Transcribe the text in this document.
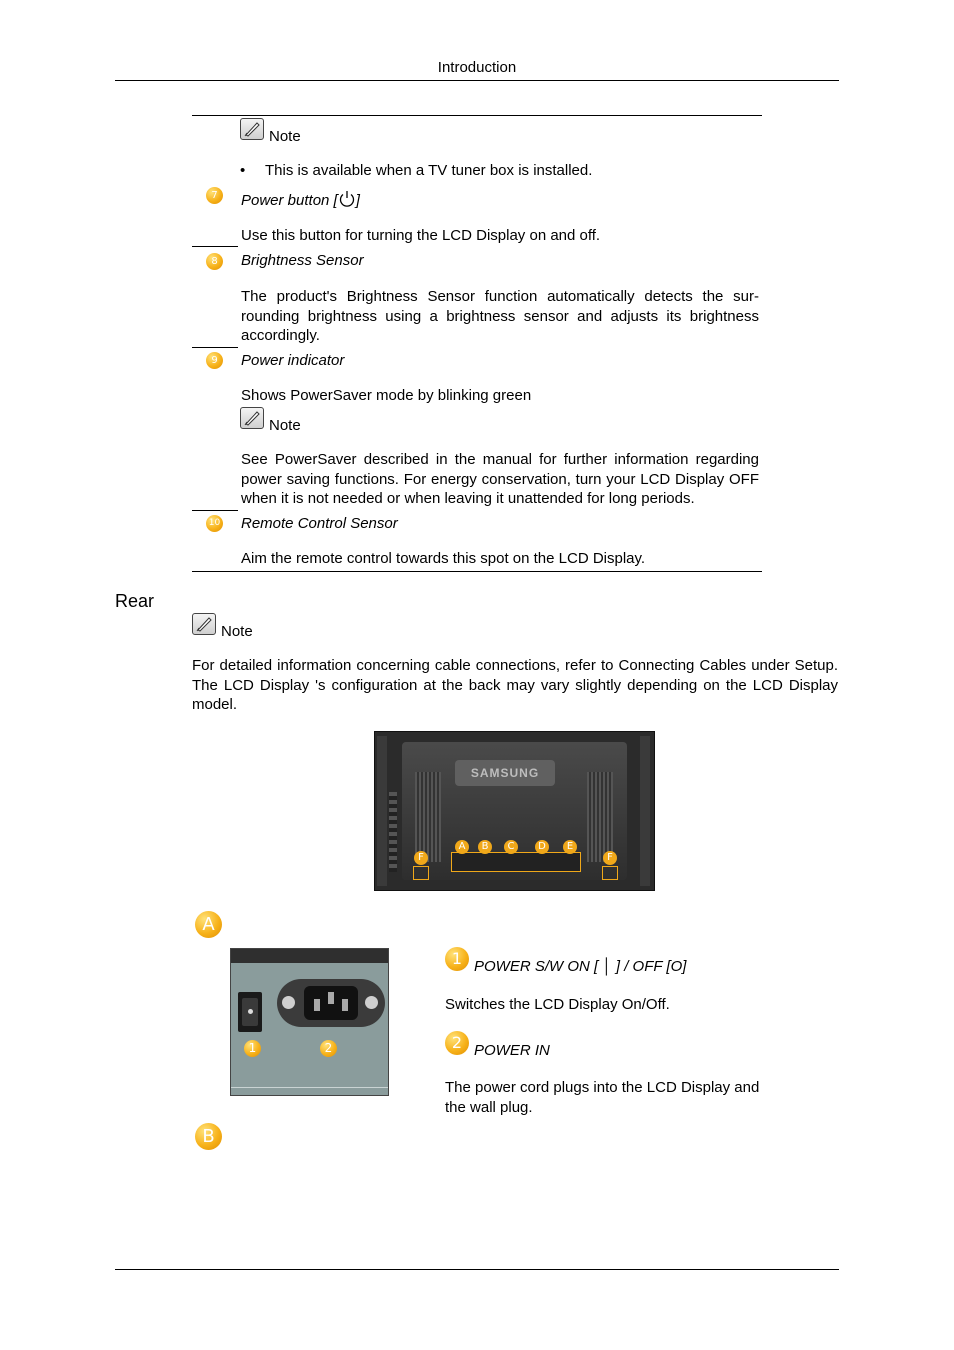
Introduction
Note
• This is available when a TV tuner box is installed.
7	Power button [ ]
Use this button for turning the LCD Display on and off.
8	Brightness Sensor
The product's Brightness Sensor function automatically detects the sur-rounding brightness using a brightness sensor and adjusts its brightness accordingly.
9	Power indicator
Shows PowerSaver mode by blinking green
Note
See PowerSaver described in the manual for further information regarding power saving functions. For energy conservation, turn your LCD Display OFF when it is not needed or when leaving it unattended for long periods.
10 Remote Control Sensor
Aim the remote control towards this spot on the LCD Display.
Rear
Note
For detailed information concerning cable connections, refer to Connecting Cables under Setup. The LCD Display 's configuration at the back may vary slightly depending on the LCD Display model.
SAMSUNG
A	B	C	D	E
F	F
A
1	2
1 POWER S/W ON [ │ ] / OFF [O]
Switches the LCD Display On/Off.
2 POWER IN
The power cord plugs into the LCD Display and the wall plug.
B
